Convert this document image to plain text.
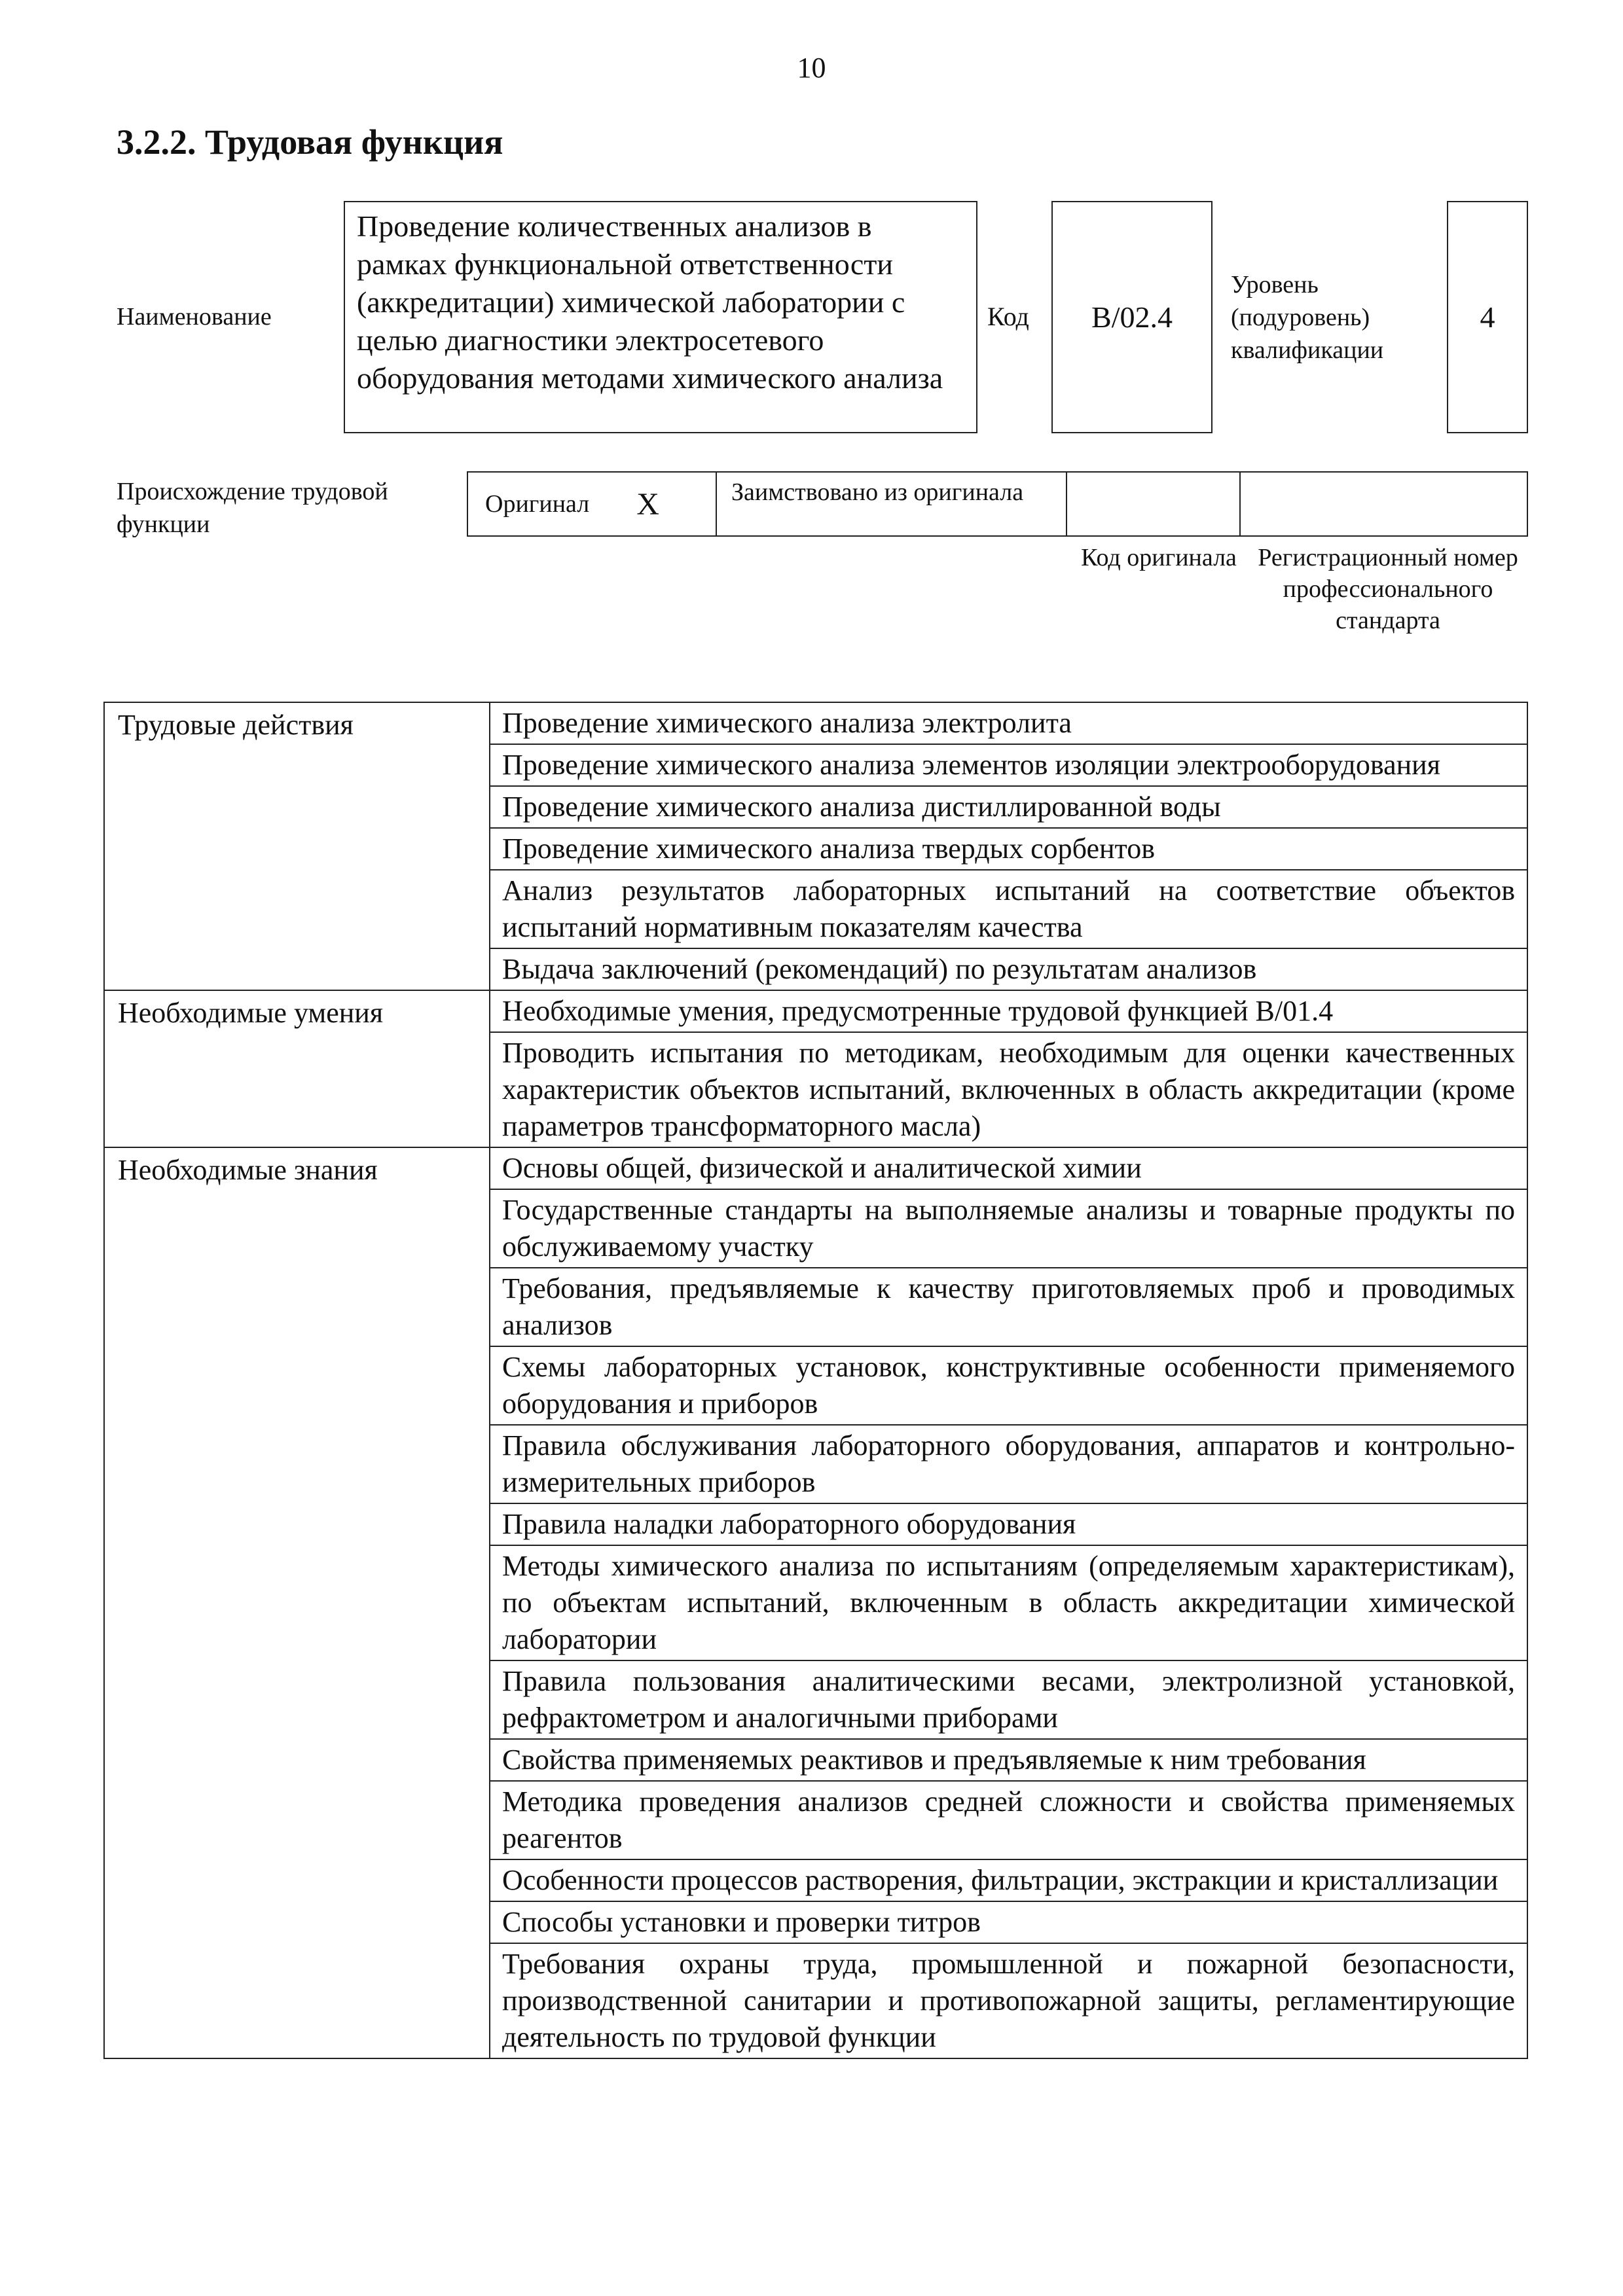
10
3.2.2. Трудовая функция
Наименование
Проведение количественных анализов в рамках функциональной ответственности (аккредитации) химической лаборатории с целью диагностики электросетевого оборудования методами химического анализа
Код B/02.4
Уровень (подуровень) квалификации
4
Происхождение трудовой функции
Оригинал X	Заимствовано из оригинала
Код оригинала Регистрационный номер профессионального стандарта
Трудовые действия	Проведение химического анализа электролита
	Проведение химического анализа элементов изоляции электрооборудования
	Проведение химического анализа дистиллированной воды
	Проведение химического анализа твердых сорбентов
	Анализ результатов лабораторных испытаний на соответствие объектов испытаний нормативным показателям качества
	Выдача заключений (рекомендаций) по результатам анализов
Необходимые умения	Необходимые умения, предусмотренные трудовой функцией B/01.4
	Проводить испытания по методикам, необходимым для оценки качественных характеристик объектов испытаний, включенных в область аккредитации (кроме параметров трансформаторного масла)
Необходимые знания	Основы общей, физической и аналитической химии
	Государственные стандарты на выполняемые анализы и товарные продукты по обслуживаемому участку
	Требования, предъявляемые к качеству приготовляемых проб и проводимых анализов
	Схемы лабораторных установок, конструктивные особенности применяемого оборудования и приборов
	Правила обслуживания лабораторного оборудования, аппаратов и контрольно-измерительных приборов
	Правила наладки лабораторного оборудования
	Методы химического анализа по испытаниям (определяемым характеристикам), по объектам испытаний, включенным в область аккредитации химической лаборатории
	Правила пользования аналитическими весами, электролизной установкой, рефрактометром и аналогичными приборами
	Свойства применяемых реактивов и предъявляемые к ним требования
	Методика проведения анализов средней сложности и свойства применяемых реагентов
	Особенности процессов растворения, фильтрации, экстракции и кристаллизации
	Способы установки и проверки титров
	Требования охраны труда, промышленной и пожарной безопасности, производственной санитарии и противопожарной защиты, регламентирующие деятельность по трудовой функции
